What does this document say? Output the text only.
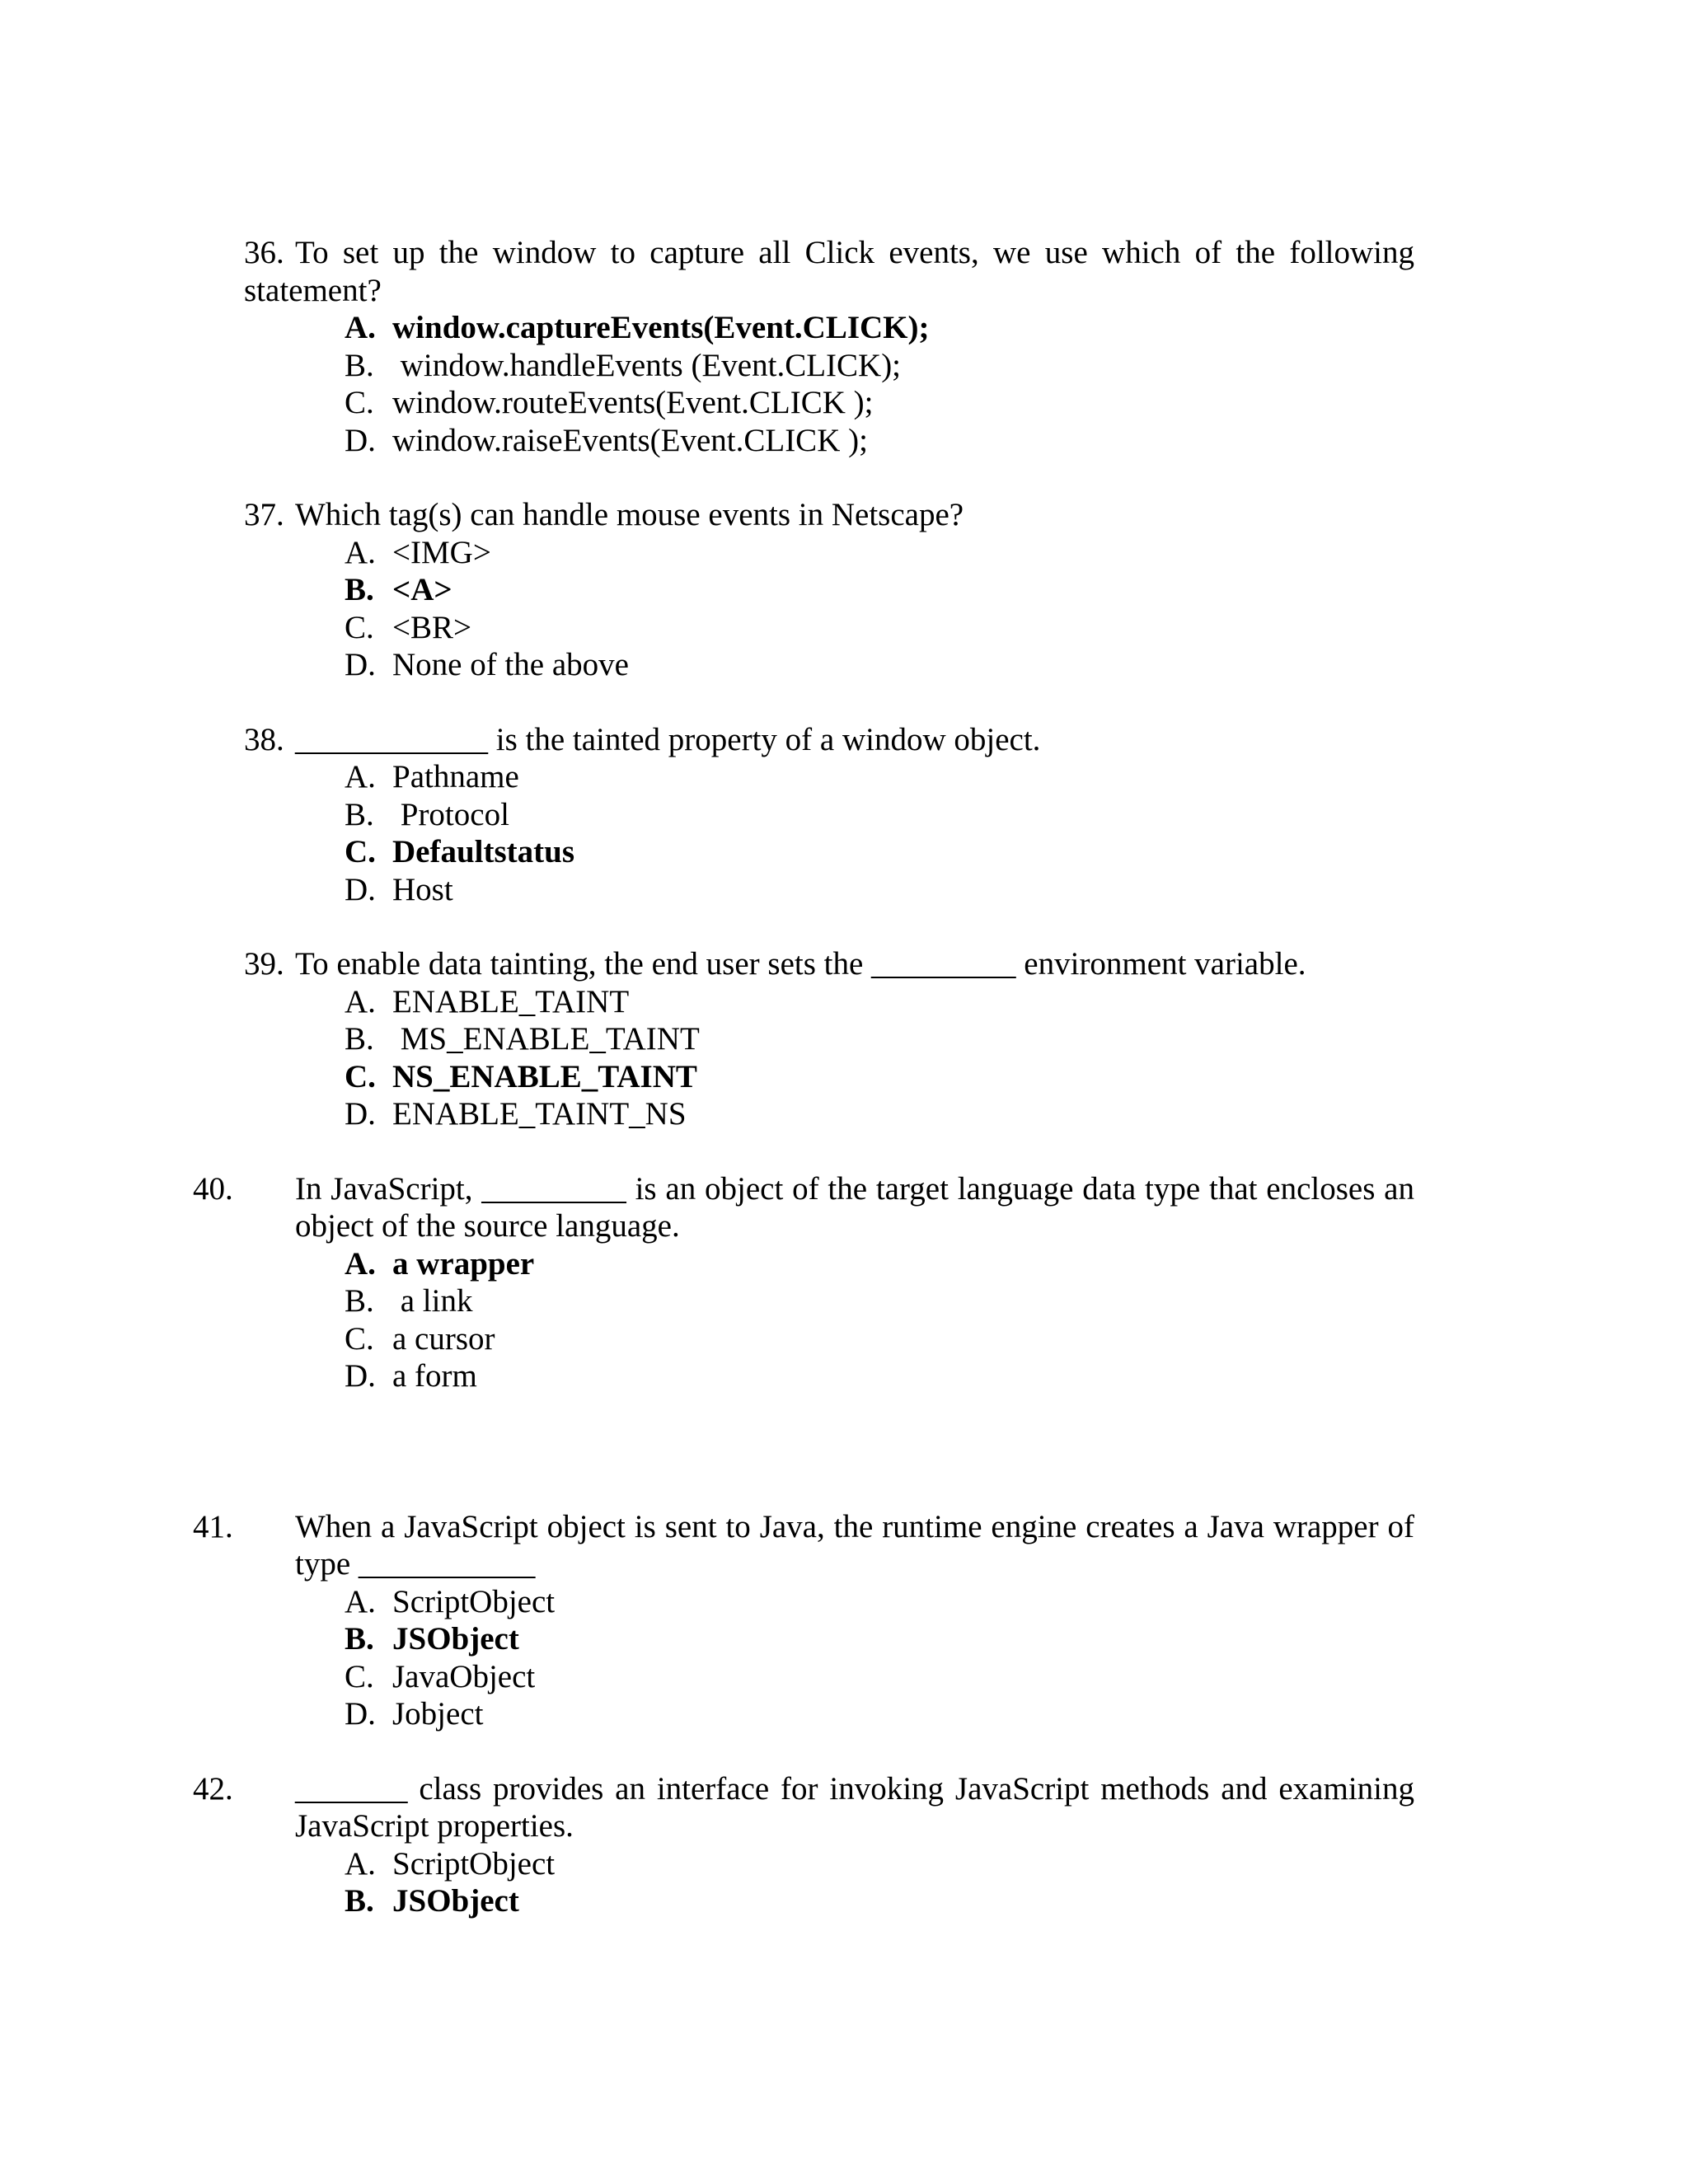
36. To set up the window to capture all Click events, we use which of the following statement?
A. window.captureEvents(Event.CLICK);
B. window.handleEvents (Event.CLICK);
C. window.routeEvents(Event.CLICK );
D. window.raiseEvents(Event.CLICK );
37. Which tag(s) can handle mouse events in Netscape?
A. <IMG>
B. <A>
C. <BR>
D. None of the above
38. ____________ is the tainted property of a window object.
A. Pathname
B. Protocol
C. Defaultstatus
D. Host
39. To enable data tainting, the end user sets the _________ environment variable.
A. ENABLE_TAINT
B. MS_ENABLE_TAINT
C. NS_ENABLE_TAINT
D. ENABLE_TAINT_NS
40. In JavaScript, _________ is an object of the target language data type that encloses an object of the source language.
A. a wrapper
B. a link
C. a cursor
D. a form
41. When a JavaScript object is sent to Java, the runtime engine creates a Java wrapper of type ___________
A. ScriptObject
B. JSObject
C. JavaObject
D. Jobject
42. _______ class provides an interface for invoking JavaScript methods and examining JavaScript properties.
A. ScriptObject
B. JSObject
